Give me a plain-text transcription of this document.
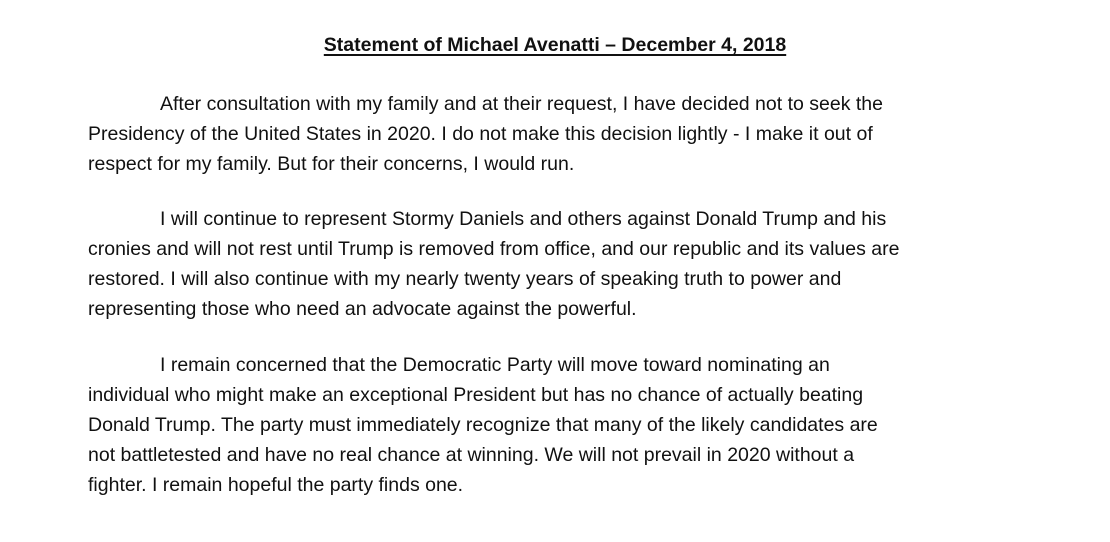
Statement of Michael Avenatti – December 4, 2018
After consultation with my family and at their request, I have decided not to seek the
Presidency of the United States in 2020. I do not make this decision lightly - I make it out of
respect for my family. But for their concerns, I would run.
I will continue to represent Stormy Daniels and others against Donald Trump and his
cronies and will not rest until Trump is removed from office, and our republic and its values are
restored. I will also continue with my nearly twenty years of speaking truth to power and
representing those who need an advocate against the powerful.
I remain concerned that the Democratic Party will move toward nominating an
individual who might make an exceptional President but has no chance of actually beating
Donald Trump. The party must immediately recognize that many of the likely candidates are
not battletested and have no real chance at winning. We will not prevail in 2020 without a
fighter. I remain hopeful the party finds one.
